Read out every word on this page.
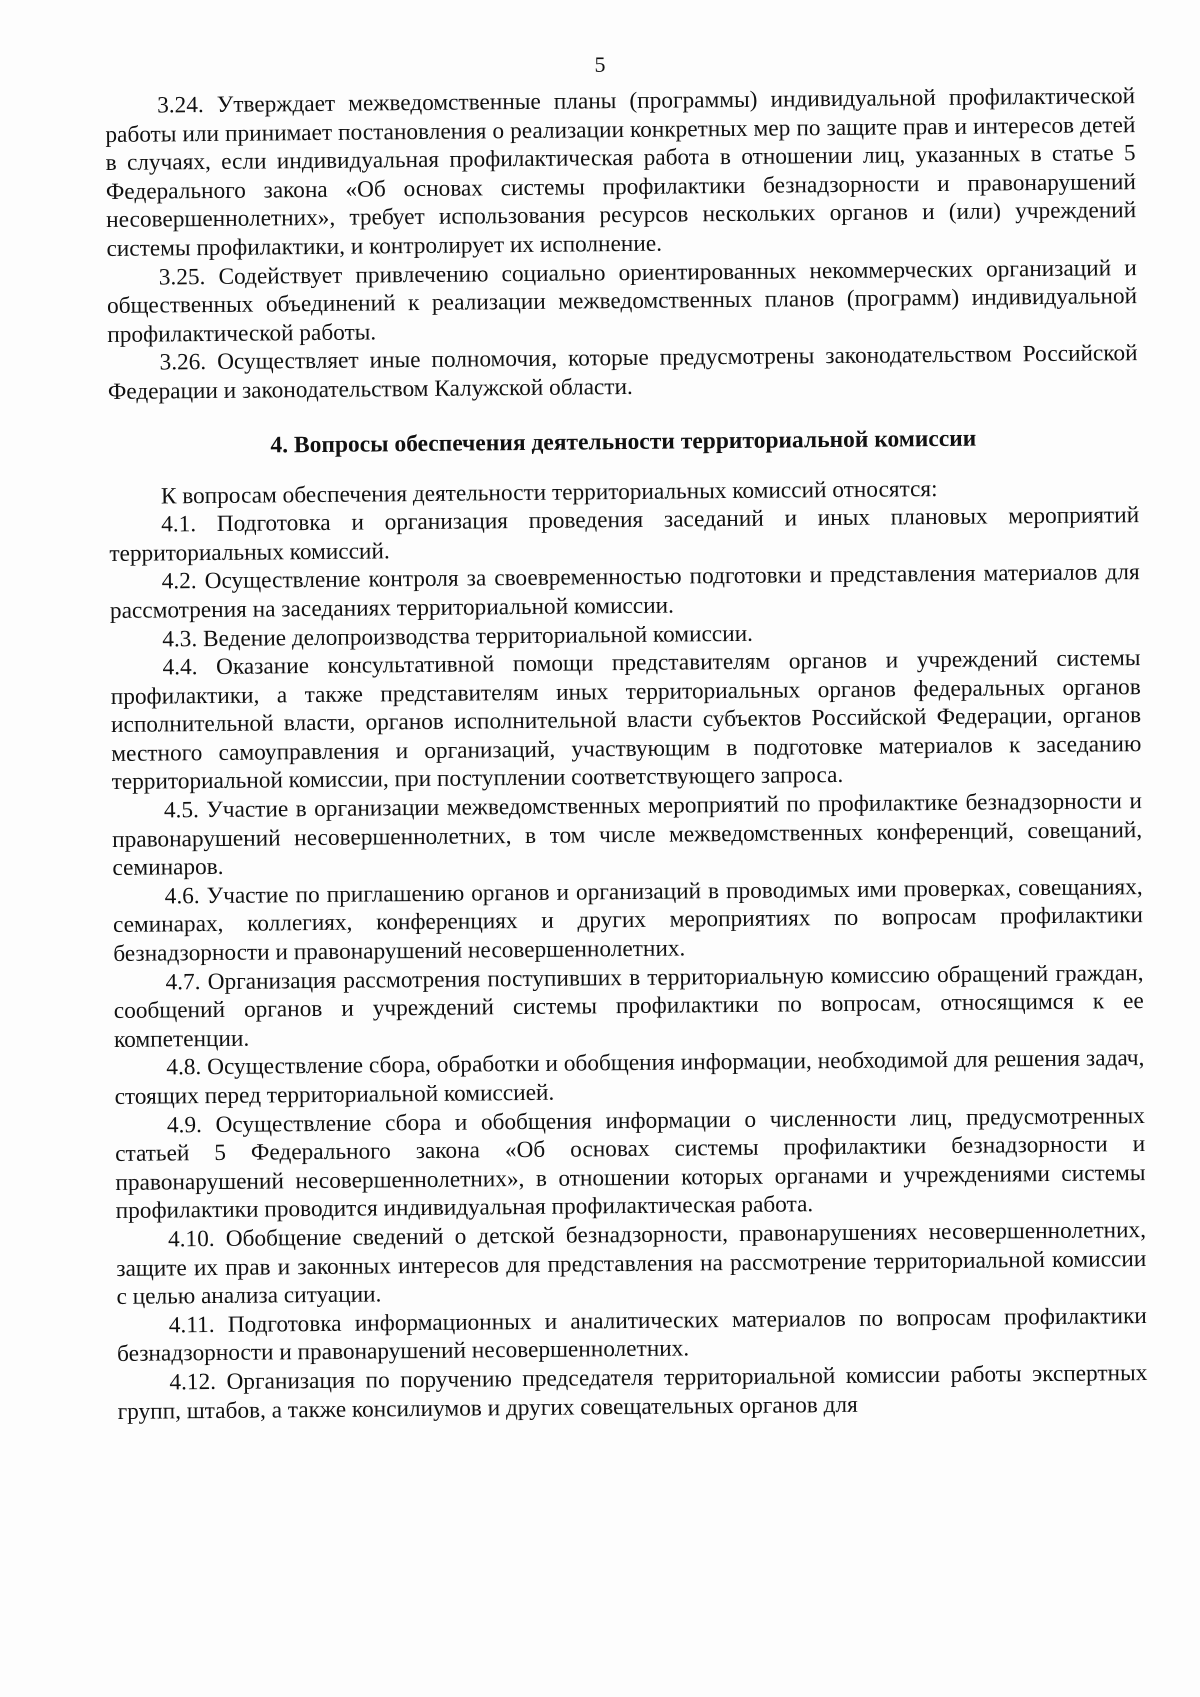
5

3.24. Утверждает межведомственные планы (программы) индивидуальной профилактической работы или принимает постановления о реализации конкретных мер по защите прав и интересов детей в случаях, если индивидуальная профилактическая работа в отношении лиц, указанных в статье 5 Федерального закона «Об основах системы профилактики безнадзорности и правонарушений несовершеннолетних», требует использования ресурсов нескольких органов и (или) учреждений системы профилактики, и контролирует их исполнение.

3.25. Содействует привлечению социально ориентированных некоммерческих организаций и общественных объединений к реализации межведомственных планов (программ) индивидуальной профилактической работы.

3.26. Осуществляет иные полномочия, которые предусмотрены законодательством Российской Федерации и законодательством Калужской области.

4. Вопросы обеспечения деятельности территориальной комиссии

К вопросам обеспечения деятельности территориальных комиссий относятся:

4.1. Подготовка и организация проведения заседаний и иных плановых мероприятий территориальных комиссий.

4.2. Осуществление контроля за своевременностью подготовки и представления материалов для рассмотрения на заседаниях территориальной комиссии.

4.3. Ведение делопроизводства территориальной комиссии.

4.4. Оказание консультативной помощи представителям органов и учреждений системы профилактики, а также представителям иных территориальных органов федеральных органов исполнительной власти, органов исполнительной власти субъектов Российской Федерации, органов местного самоуправления и организаций, участвующим в подготовке материалов к заседанию территориальной комиссии, при поступлении соответствующего запроса.

4.5. Участие в организации межведомственных мероприятий по профилактике безнадзорности и правонарушений несовершеннолетних, в том числе межведомственных конференций, совещаний, семинаров.

4.6. Участие по приглашению органов и организаций в проводимых ими проверках, совещаниях, семинарах, коллегиях, конференциях и других мероприятиях по вопросам профилактики безнадзорности и правонарушений несовершеннолетних.

4.7. Организация рассмотрения поступивших в территориальную комиссию обращений граждан, сообщений органов и учреждений системы профилактики по вопросам, относящимся к ее компетенции.

4.8. Осуществление сбора, обработки и обобщения информации, необходимой для решения задач, стоящих перед территориальной комиссией.

4.9. Осуществление сбора и обобщения информации о численности лиц, предусмотренных статьей 5 Федерального закона «Об основах системы профилактики безнадзорности и правонарушений несовершеннолетних», в отношении которых органами и учреждениями системы профилактики проводится индивидуальная профилактическая работа.

4.10. Обобщение сведений о детской безнадзорности, правонарушениях несовершеннолетних, защите их прав и законных интересов для представления на рассмотрение территориальной комиссии с целью анализа ситуации.

4.11. Подготовка информационных и аналитических материалов по вопросам профилактики безнадзорности и правонарушений несовершеннолетних.

4.12. Организация по поручению председателя территориальной комиссии работы экспертных групп, штабов, а также консилиумов и других совещательных органов для
